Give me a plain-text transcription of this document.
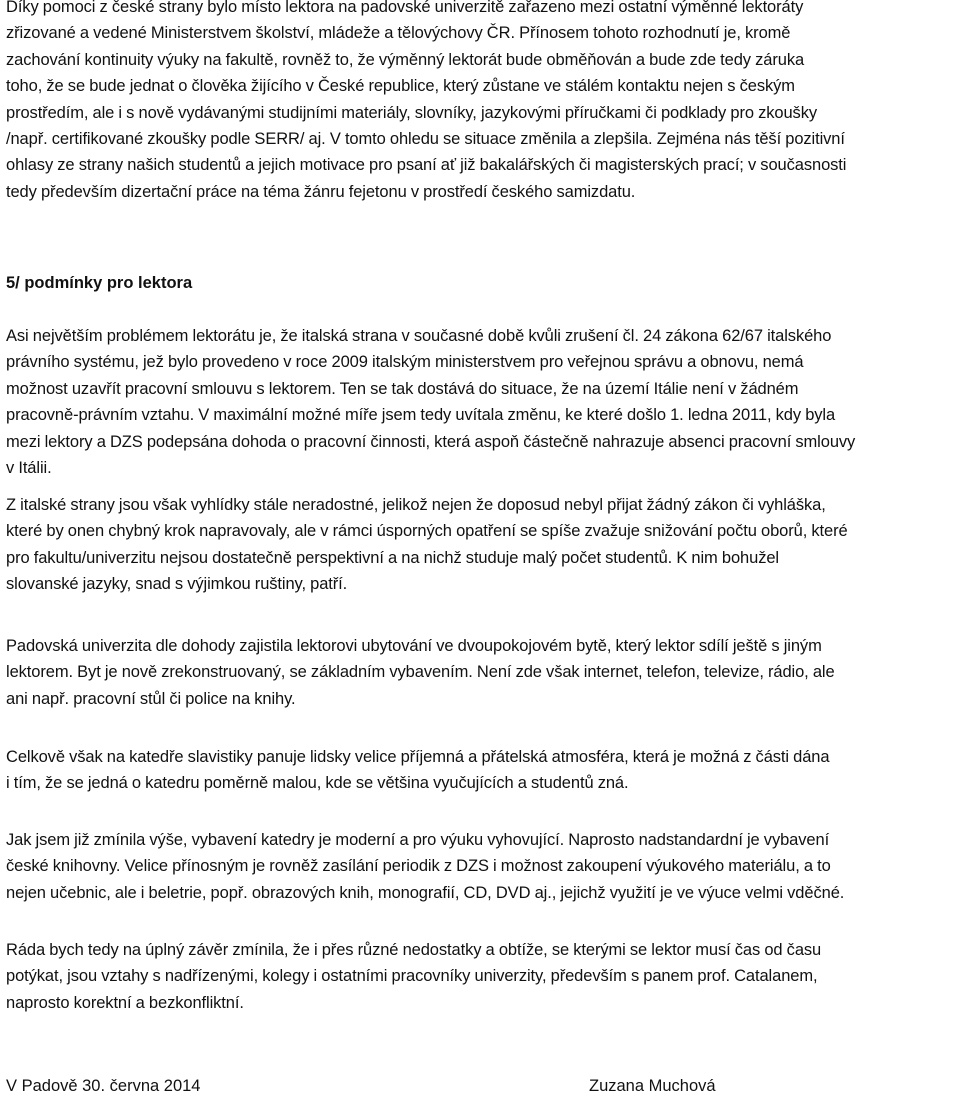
Díky pomoci z české strany bylo místo lektora na padovské univerzitě zařazeno mezi ostatní výměnné lektoráty
zřizované a vedené Ministerstvem školství, mládeže a tělovýchovy ČR. Přínosem tohoto rozhodnutí je, kromě
zachování kontinuity výuky na fakultě, rovněž to, že výměnný lektorát bude obměňován a bude zde tedy záruka
toho, že se bude jednat o člověka žijícího v České republice, který zůstane ve stálém kontaktu nejen s českým
prostředím, ale i s nově vydávanými studijními materiály, slovníky, jazykovými příručkami či podklady pro zkoušky
/např. certifikované zkoušky podle SERR/ aj. V tomto ohledu se situace změnila a zlepšila. Zejména nás těší pozitivní
ohlasy ze strany našich studentů a jejich motivace pro psaní ať již bakalářských či magisterských prací; v současnosti
tedy především dizertační práce na téma žánru fejetonu v prostředí českého samizdatu.

5/ podmínky pro lektora

Asi největším problémem lektorátu je, že italská strana v současné době kvůli zrušení čl. 24 zákona 62/67 italského
právního systému, jež bylo provedeno v roce 2009 italským ministerstvem pro veřejnou správu a obnovu, nemá
možnost uzavřít pracovní smlouvu s lektorem. Ten se tak dostává do situace, že na území Itálie není v žádném
pracovně-právním vztahu. V maximální možné míře jsem tedy uvítala změnu, ke které došlo 1. ledna 2011, kdy byla
mezi lektory a DZS podepsána dohoda o pracovní činnosti, která aspoň částečně nahrazuje absenci pracovní smlouvy
v Itálii.

Z italské strany jsou však vyhlídky stále neradostné, jelikož nejen že doposud nebyl přijat žádný zákon či vyhláška,
které by onen chybný krok napravovaly, ale v rámci úsporných opatření se spíše zvažuje snižování počtu oborů, které
pro fakultu/univerzitu nejsou dostatečně perspektivní a na nichž studuje malý počet studentů. K nim bohužel
slovanské jazyky, snad s výjimkou ruštiny, patří.

Padovská univerzita dle dohody zajistila lektorovi ubytování ve dvoupokojovém bytě, který lektor sdílí ještě s jiným
lektorem. Byt je nově zrekonstruovaný, se základním vybavením. Není zde však internet, telefon, televize, rádio, ale
ani např. pracovní stůl či police na knihy.

Celkově však na katedře slavistiky panuje lidsky velice příjemná a přátelská atmosféra, která je možná z části dána
i tím, že se jedná o katedru poměrně malou, kde se většina vyučujících a studentů zná.

Jak jsem již zmínila výše, vybavení katedry je moderní a pro výuku vyhovující. Naprosto nadstandardní je vybavení
české knihovny. Velice přínosným je rovněž zasílání periodik z DZS i možnost zakoupení výukového materiálu, a to
nejen učebnic, ale i beletrie, popř. obrazových knih, monografií, CD, DVD aj., jejichž využití je ve výuce velmi vděčné.

Ráda bych tedy na úplný závěr zmínila, že i přes různé nedostatky a obtíže, se kterými se lektor musí čas od času
potýkat, jsou vztahy s nadřízenými, kolegy i ostatními pracovníky univerzity, především s panem prof. Catalanem,
naprosto korektní a bezkonfliktní.

V Padově 30. června 2014	Zuzana Muchová
